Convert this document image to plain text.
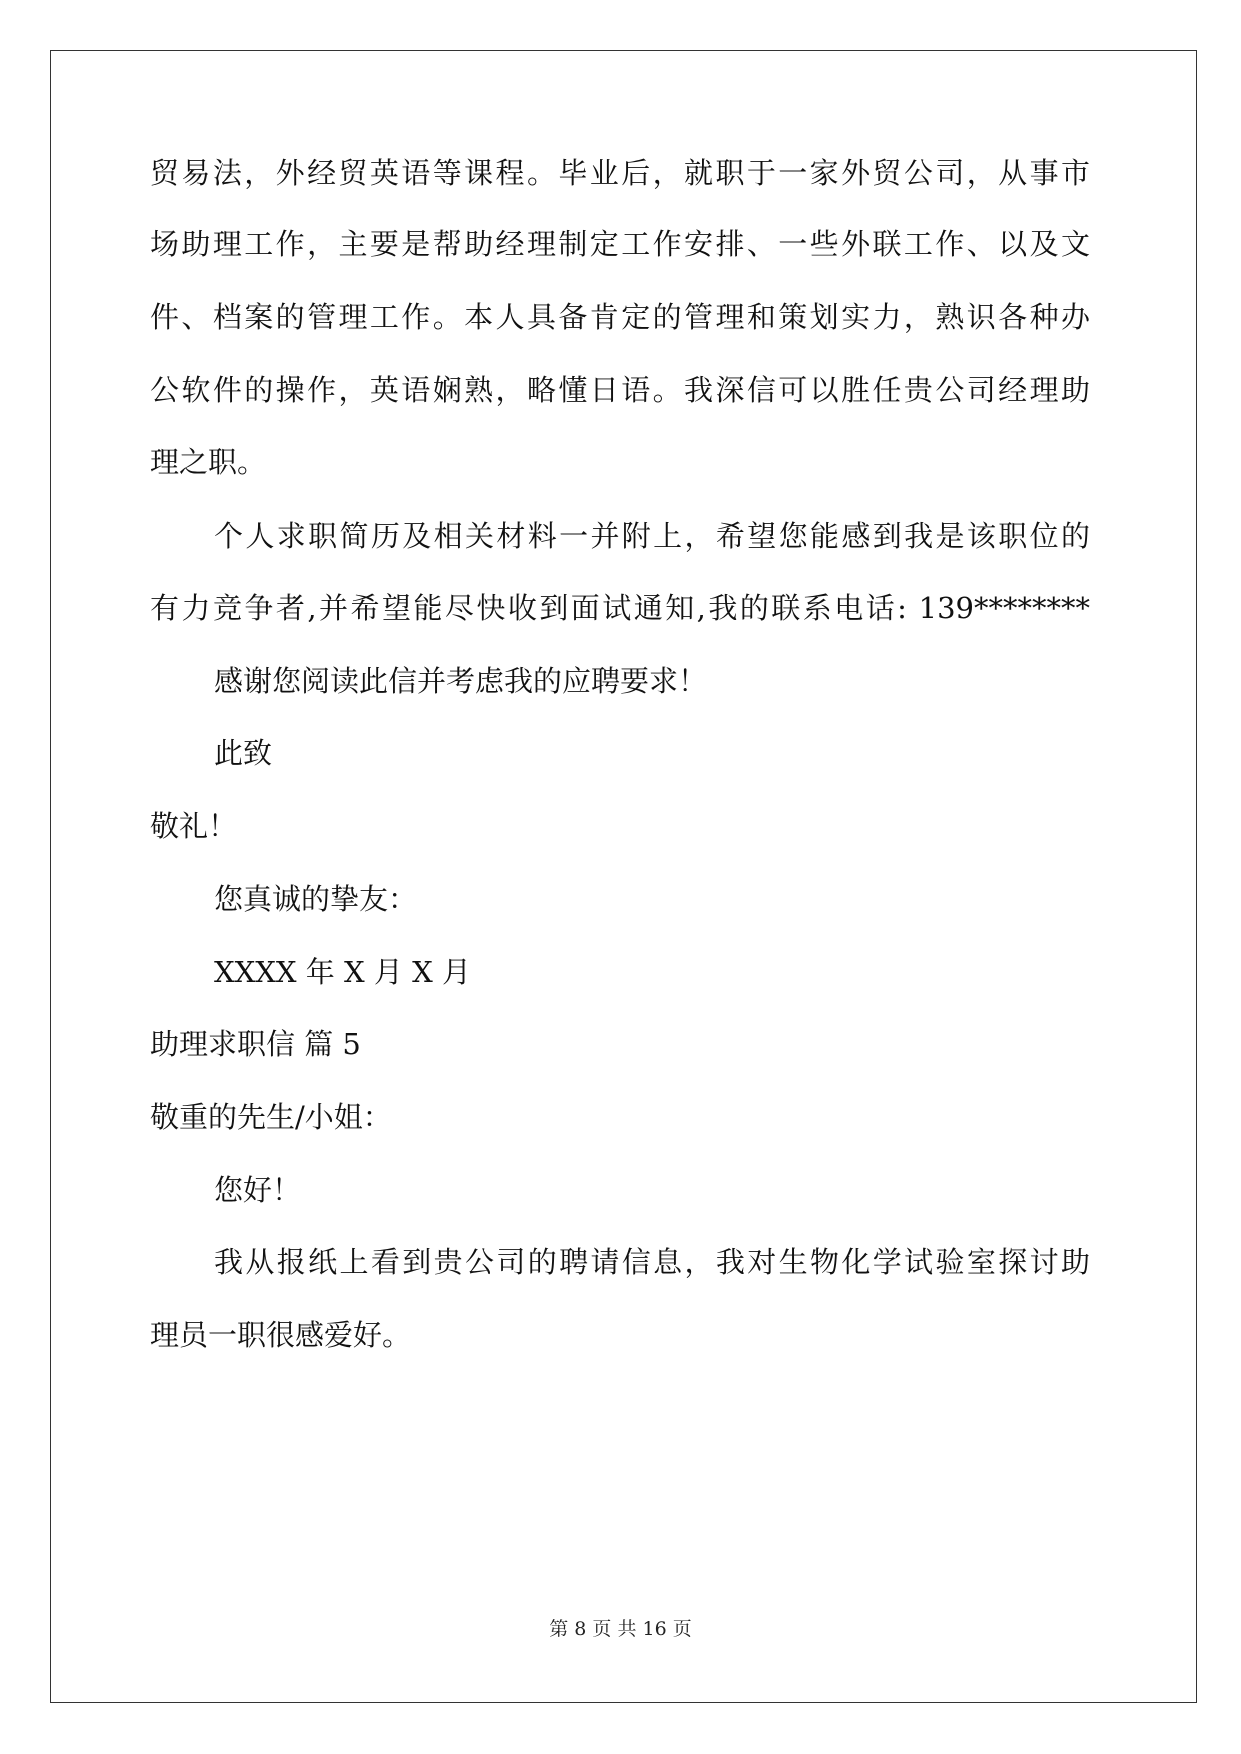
贸易法，外经贸英语等课程。毕业后，就职于一家外贸公司，从事市
场助理工作，主要是帮助经理制定工作安排、一些外联工作、以及文
件、档案的管理工作。本人具备肯定的管理和策划实力，熟识各种办
公软件的操作，英语娴熟，略懂日语。我深信可以胜任贵公司经理助
理之职。
个人求职简历及相关材料一并附上，希望您能感到我是该职位的
有力竞争者,并希望能尽快收到面试通知,我的联系电话: 139********
感谢您阅读此信并考虑我的应聘要求！
此致
敬礼！
您真诚的挚友：
XXXX 年 X 月 X 月
助理求职信 篇 5
敬重的先生/小姐：
您好！
我从报纸上看到贵公司的聘请信息，我对生物化学试验室探讨助
理员一职很感爱好。
第 8 页 共 16 页
